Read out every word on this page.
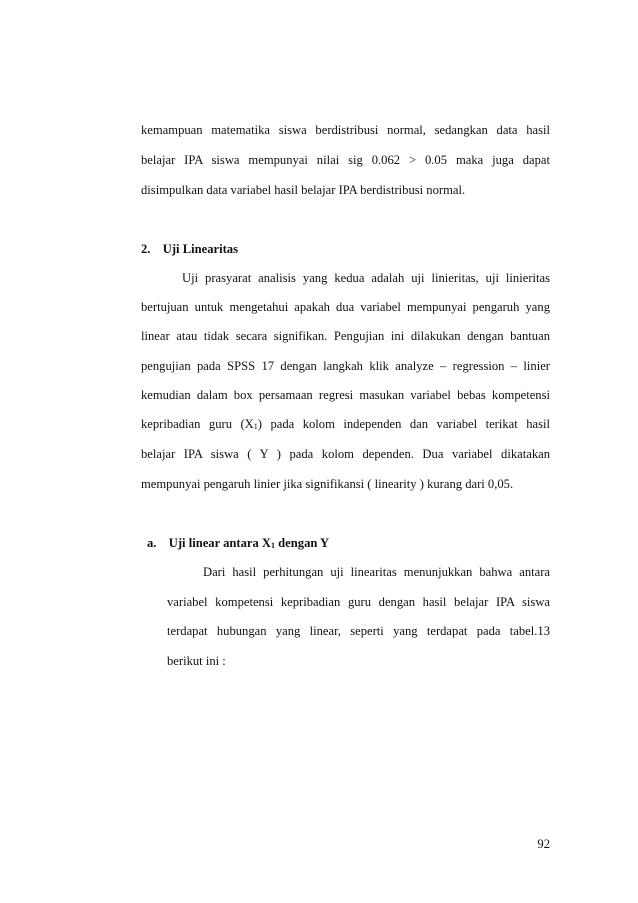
kemampuan matematika siswa berdistribusi normal, sedangkan data hasil
belajar IPA siswa mempunyai nilai sig 0.062 > 0.05 maka juga dapat
disimpulkan data variabel hasil belajar IPA berdistribusi normal.
2. Uji Linearitas
Uji prasyarat analisis yang kedua adalah uji linieritas, uji linieritas
bertujuan untuk mengetahui apakah dua variabel mempunyai pengaruh yang
linear atau tidak secara signifikan. Pengujian ini dilakukan dengan bantuan
pengujian pada SPSS 17 dengan langkah klik analyze – regression – linier
kemudian dalam box persamaan regresi masukan variabel bebas kompetensi
kepribadian guru $(X_1)$ pada kolom independen dan variabel terikat hasil
belajar IPA siswa ( Y ) pada kolom dependen. Dua variabel dikatakan
mempunyai pengaruh linier jika signifikansi ( linearity ) kurang dari 0,05.
a. Uji linear antara $X_1$ dengan Y
Dari hasil perhitungan uji linearitas menunjukkan bahwa antara
variabel kompetensi kepribadian guru dengan hasil belajar IPA siswa
terdapat hubungan yang linear, seperti yang terdapat pada tabel.13
berikut ini :
92
